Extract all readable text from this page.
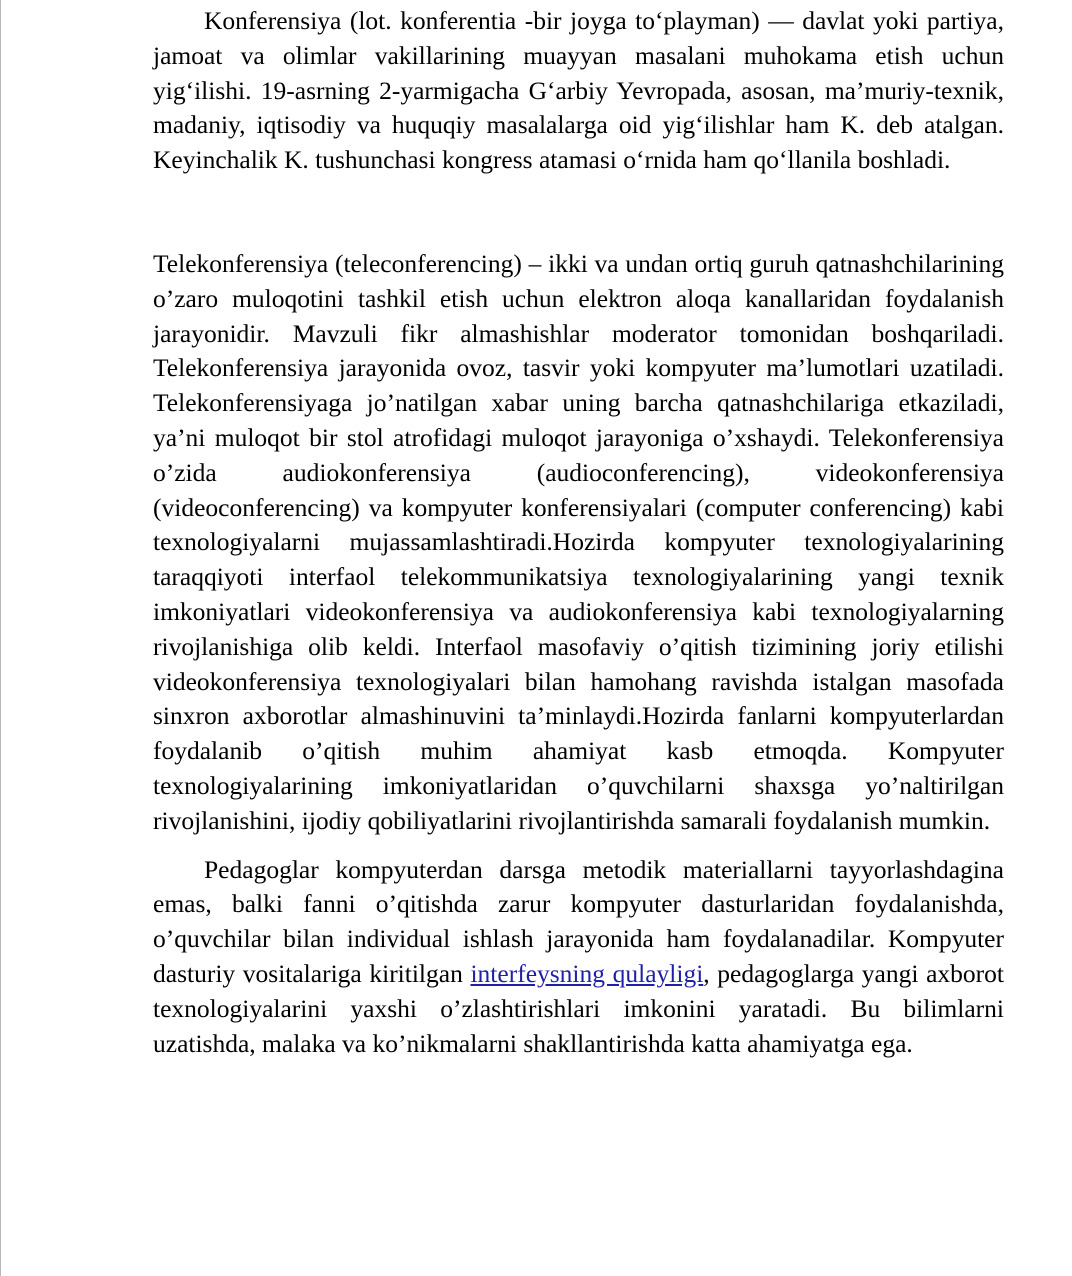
Konferensiya (lot. konferentia -bir joyga to‘playman) — davlat yoki partiya, jamoat va olimlar vakillarining muayyan masalani muhokama etish uchun yig‘ilishi. 19-asrning 2-yarmigacha G‘arbiy Yevropada, asosan, ma’muriy-texnik, madaniy, iqtisodiy va huquqiy masalalarga oid yig‘ilishlar ham K. deb atalgan. Keyinchalik K. tushunchasi kongress atamasi o‘rnida ham qo‘llanila boshladi.

Telekonferensiya (teleconferencing) – ikki va undan ortiq guruh qatnashchilarining o’zaro muloqotini tashkil etish uchun elektron aloqa kanallaridan foydalanish jarayonidir. Mavzuli fikr almashishlar moderator tomonidan boshqariladi. Telekonferensiya jarayonida ovoz, tasvir yoki kompyuter ma’lumotlari uzatiladi. Telekonferensiyaga jo’natilgan xabar uning barcha qatnashchilariga etkaziladi, ya’ni muloqot bir stol atrofidagi muloqot jarayoniga o’xshaydi. Telekonferensiya o’zida audiokonferensiya (audioconferencing), videokonferensiya (videoconferencing) va kompyuter konferensiyalari (computer conferencing) kabi texnologiyalarni mujassamlashtiradi.Hozirda kompyuter texnologiyalarining taraqqiyoti interfaol telekommunikatsiya texnologiyalarining yangi texnik imkoniyatlari videokonferensiya va audiokonferensiya kabi texnologiyalarning rivojlanishiga olib keldi. Interfaol masofaviy o’qitish tizimining joriy etilishi videokonferensiya texnologiyalari bilan hamohang ravishda istalgan masofada sinxron axborotlar almashinuvini ta’minlaydi.Hozirda fanlarni kompyuterlardan foydalanib o’qitish muhim ahamiyat kasb etmoqda. Kompyuter texnologiyalarining imkoniyatlaridan o’quvchilarni shaxsga yo’naltirilgan rivojlanishini, ijodiy qobiliyatlarini rivojlantirishda samarali foydalanish mumkin.

Pedagoglar kompyuterdan darsga metodik materiallarni tayyorlashdagina emas, balki fanni o’qitishda zarur kompyuter dasturlaridan foydalanishda, o’quvchilar bilan individual ishlash jarayonida ham foydalanadilar. Kompyuter dasturiy vositalariga kiritilgan interfeysning qulayligi, pedagoglarga yangi axborot texnologiyalarini yaxshi o’zlashtirishlari imkonini yaratadi. Bu bilimlarni uzatishda, malaka va ko’nikmalarni shakllantirishda katta ahamiyatga ega.
